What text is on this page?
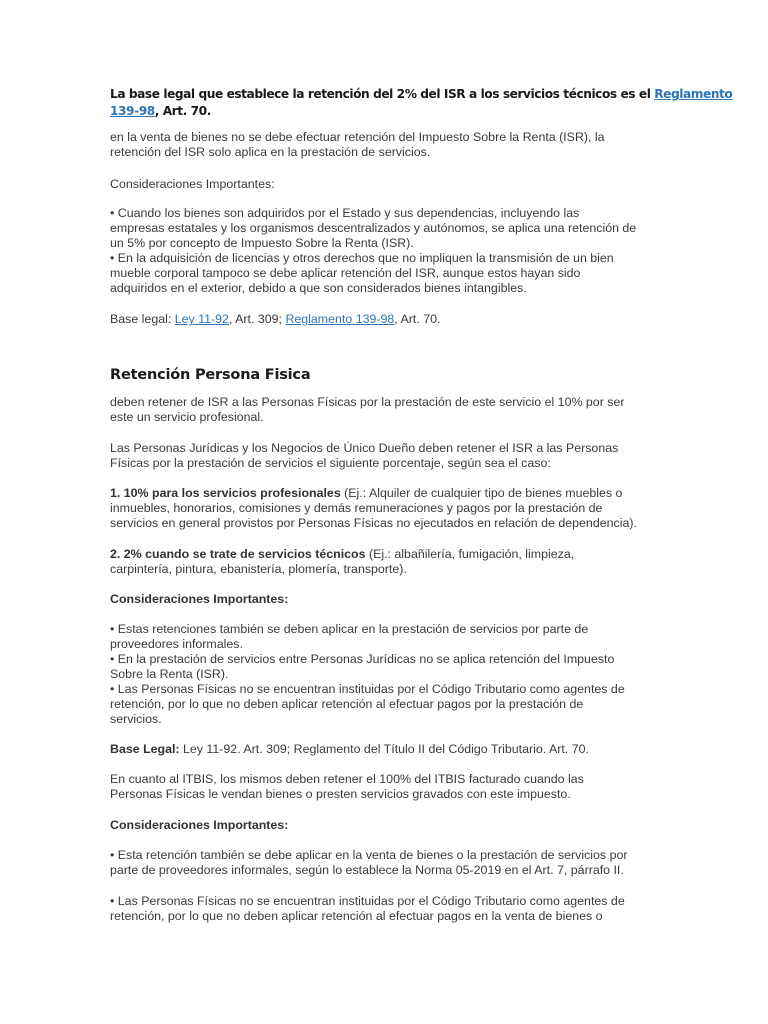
La base legal que establece la retención del 2% del ISR a los servicios técnicos es el Reglamento

139-98, Art. 70.

en la venta de bienes no se debe efectuar retención del Impuesto Sobre la Renta (ISR), la

retención del ISR solo aplica en la prestación de servicios.

Consideraciones Importantes:

• Cuando los bienes son adquiridos por el Estado y sus dependencias, incluyendo las

empresas estatales y los organismos descentralizados y autónomos, se aplica una retención de

un 5% por concepto de Impuesto Sobre la Renta (ISR).

• En la adquisición de licencias y otros derechos que no impliquen la transmisión de un bien

mueble corporal tampoco se debe aplicar retención del ISR, aunque estos hayan sido

adquiridos en el exterior, debido a que son considerados bienes intangibles.

Base legal: Ley 11-92, Art. 309; Reglamento 139-98, Art. 70.

Retención Persona Fisica

deben retener de ISR a las Personas Físicas por la prestación de este servicio el 10% por ser

este un servicio profesional.

Las Personas Jurídicas y los Negocios de Único Dueño deben retener el ISR a las Personas

Físicas por la prestación de servicios el siguiente porcentaje, según sea el caso:

1. 10% para los servicios profesionales (Ej.: Alquiler de cualquier tipo de bienes muebles o

inmuebles, honorarios, comisiones y demás remuneraciones y pagos por la prestación de

servicios en general provistos por Personas Físicas no ejecutados en relación de dependencia).

2. 2% cuando se trate de servicios técnicos (Ej.: albañilería, fumigación, limpieza,

carpintería, pintura, ebanistería, plomería, transporte).

Consideraciones Importantes:

• Estas retenciones también se deben aplicar en la prestación de servicios por parte de

proveedores informales.

• En la prestación de servicios entre Personas Jurídicas no se aplica retención del Impuesto

Sobre la Renta (ISR).

• Las Personas Físicas no se encuentran instituidas por el Código Tributario como agentes de

retención, por lo que no deben aplicar retención al efectuar pagos por la prestación de

servicios.

Base Legal: Ley 11-92. Art. 309; Reglamento del Título II del Código Tributario. Art. 70.

En cuanto al ITBIS, los mismos deben retener el 100% del ITBIS facturado cuando las

Personas Físicas le vendan bienes o presten servicios gravados con este impuesto.

Consideraciones Importantes:

• Esta retención también se debe aplicar en la venta de bienes o la prestación de servicios por

parte de proveedores informales, según lo establece la Norma 05-2019 en el Art. 7, párrafo II.

• Las Personas Físicas no se encuentran instituidas por el Código Tributario como agentes de

retención, por lo que no deben aplicar retención al efectuar pagos en la venta de bienes o
